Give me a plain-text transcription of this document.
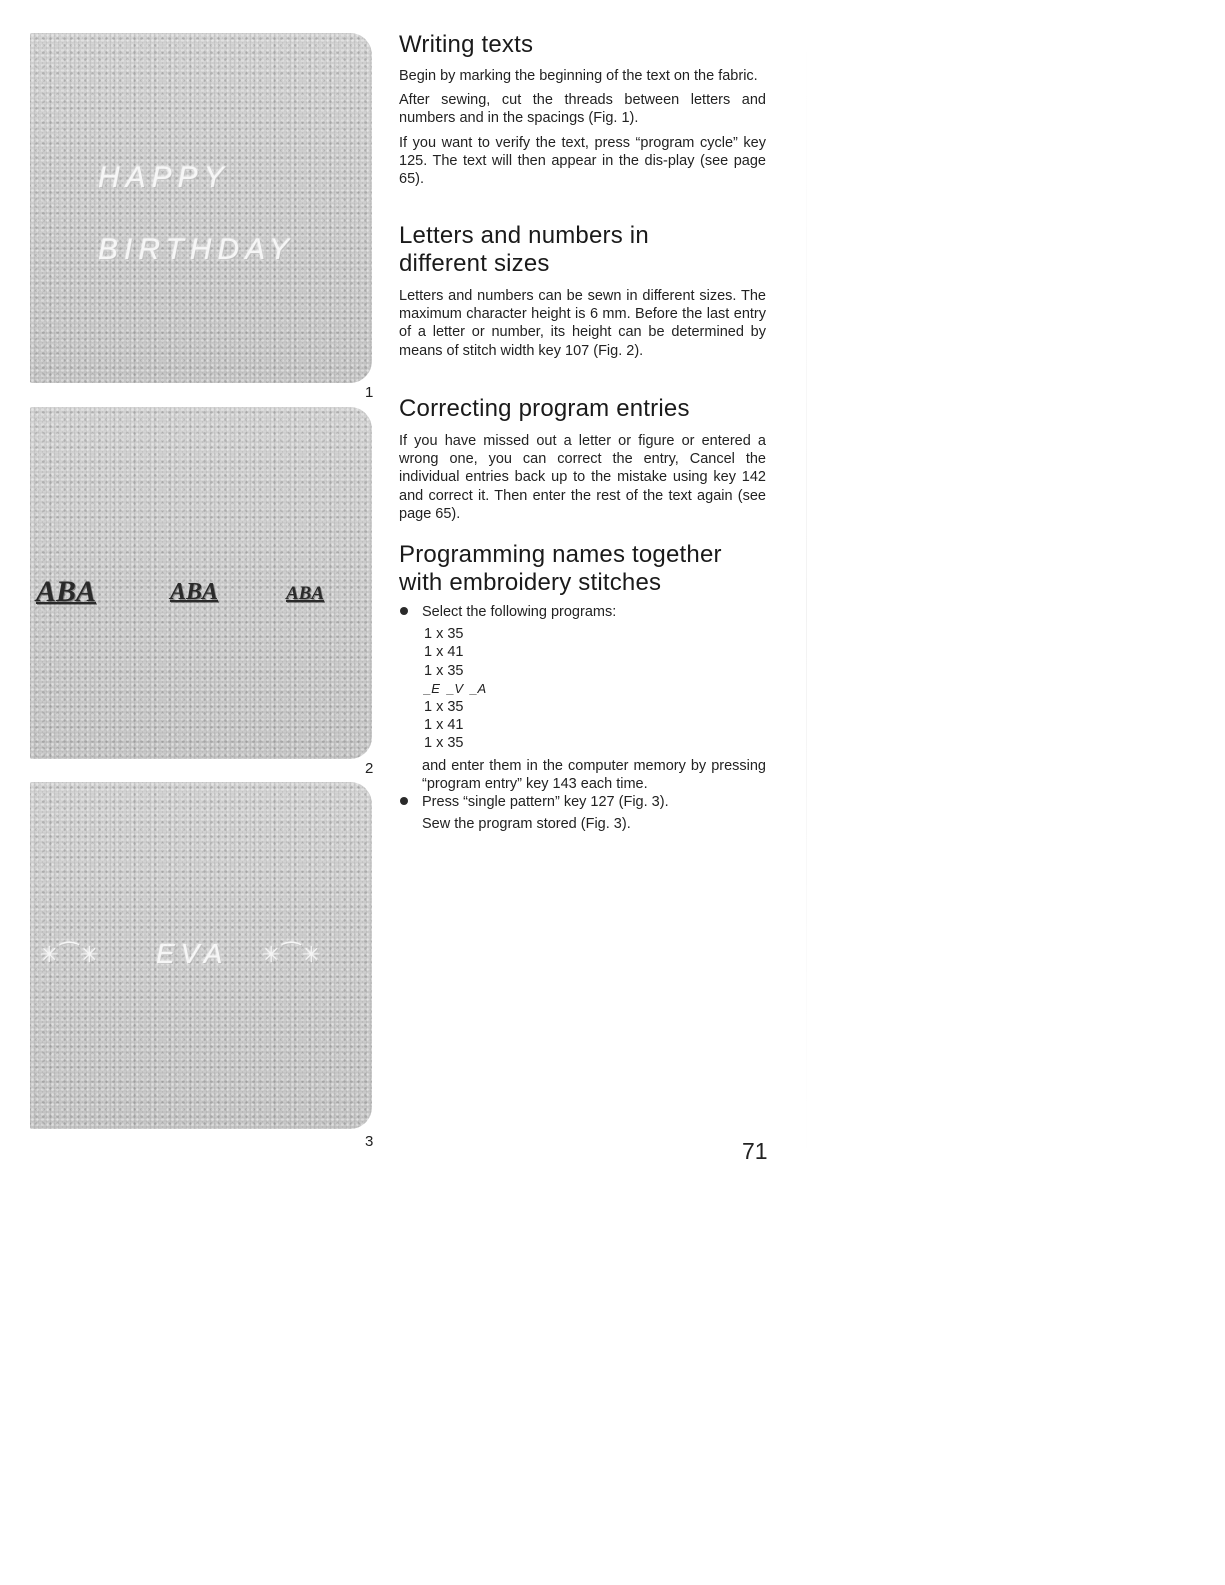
HAPPY
BIRTHDAY
1
ABA	ABA	ABA
2
✳⁀✳ EVA ✳⁀✳
3
Writing texts

Begin by marking the beginning of the text on the fabric.

After sewing, cut the threads between letters and numbers and in the spacings (Fig. 1).

If you want to verify the text, press “program cycle” key 125. The text will then appear in the dis-play (see page 65).

Letters and numbers in
different sizes

Letters and numbers can be sewn in different sizes. The maximum character height is 6 mm. Before the last entry of a letter or number, its height can be determined by means of stitch width key 107 (Fig. 2).

Correcting program entries

If you have missed out a letter or figure or entered a wrong one, you can correct the entry, Cancel the individual entries back up to the mistake using key 142 and correct it. Then enter the rest of the text again (see page 65).

Programming names together
with embroidery stitches
Select the following programs:
1 x 35
1 x 41
1 x 35
_E  _V  _A
1 x 35
1 x 41
1 x 35

and enter them in the computer memory by pressing “program entry” key 143 each time.

Press “single pattern” key 127 (Fig. 3).

Sew the program stored (Fig. 3).

71
